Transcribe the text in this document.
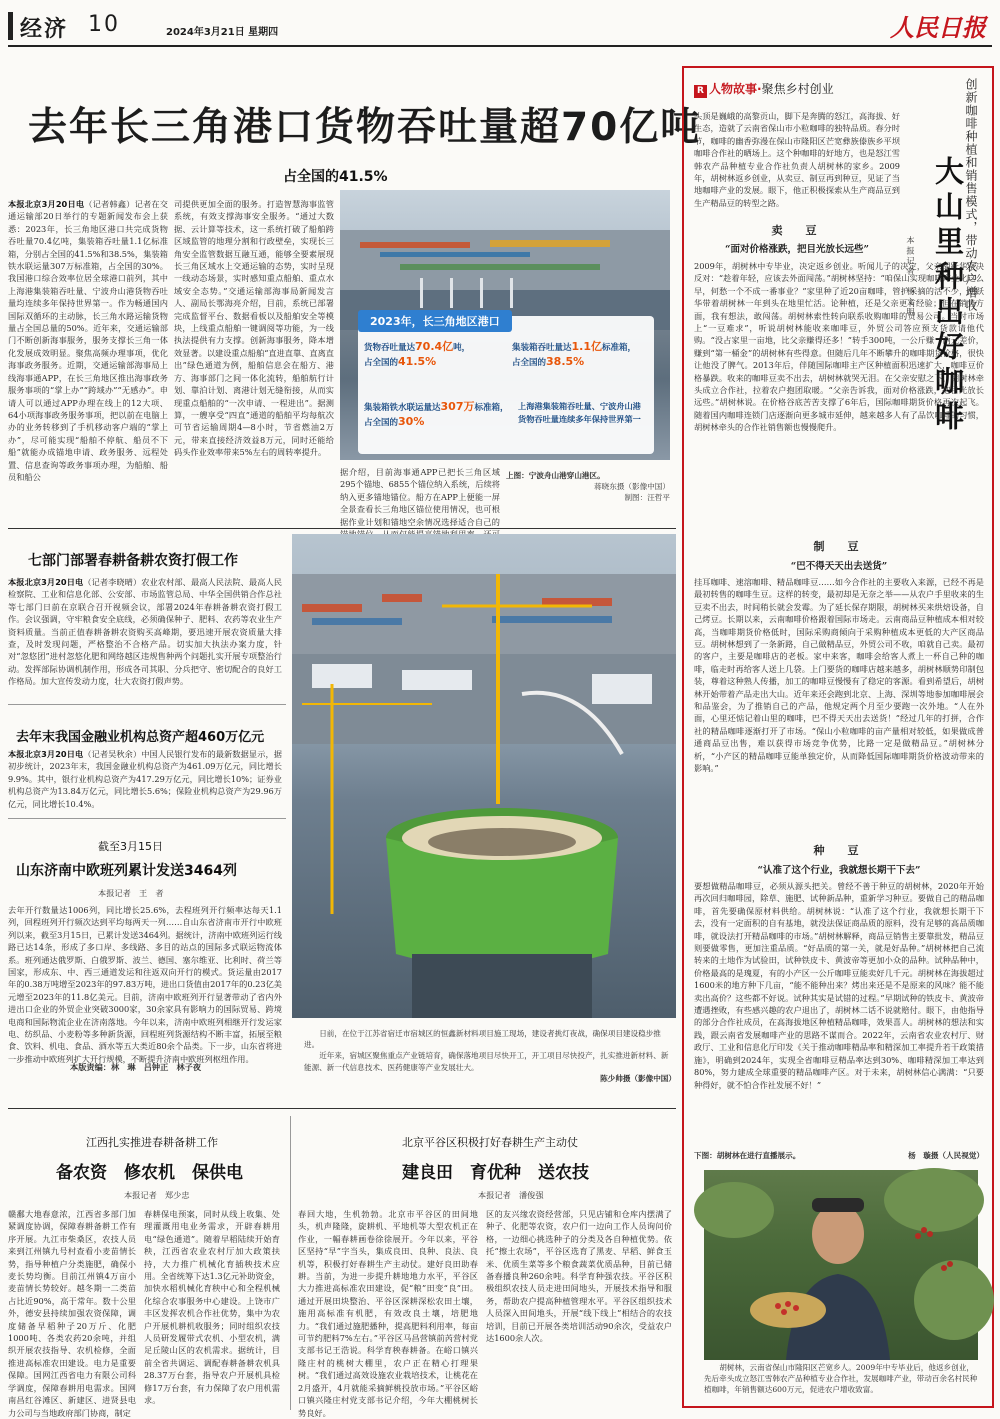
经济 10	2024年3月21日 星期四	人民日报
去年长三角港口货物吞吐量超70亿吨
占全国的41.5%
本报北京3月20日电（记者韩鑫）记者在交通运输部20日举行的专题新闻发布会上获悉：2023年，长三角地区港口共完成货物吞吐量70.4亿吨，集装箱吞吐量1.1亿标准箱，分别占全国的41.5%和38.5%，集装箱铁水联运量307万标准箱，占全国的30%。我国港口综合效率位居全球港口前列，其中上海港集装箱吞吐量、宁波舟山港货物吞吐量均连续多年保持世界第一。作为畅通国内国际双循环的主动脉，长三角水路运输货物量占全国总量的50%。近年来，交通运输部门不断创新海事服务，服务支撑长三角一体化发展成效明显。聚焦高频办理事项，优化海事政务服务。近期，交通运输部海事局上线海事通APP，在长三角地区推出海事政务服务事项的“掌上办”“跨域办”“无感办”。申请人可以通过APP办理在线上的12大项、64小项海事政务服务事项，把以前在电脑上办的业务转移到了手机移动客户端的“掌上办”，尽可能实现“船舶不停航、船员不下船”就能办成锚地申请、政务服务、远程处置、信息查询等政务事项办理，为船舶、船员和船公
司提供更加全面的服务。打造智慧海事监管系统，有效支撑海事安全服务。“通过大数据、云计算等技术，这一系统打破了船舶跨区域监管的地理分割和行政壁垒，实现长三角安全监管数据互融互通，能够全要素展现长三角区域水上交通运输的态势，实时呈现一线动态场景，实时感知重点船舶、重点水域安全态势。”交通运输部海事局新闻发言人、副局长鄂海亮介绍，目前，系统已部署完成监督平台、数据看板以及船舶安全等模块，上线重点船舶一键调阅等功能，为一线执法提供有力支撑。创新海事服务，降本增效显著。以建设重点船舶“直进直靠、直离直出”绿色通道为例，船舶信息会在船方、港方、海事部门之间一体化流转，船舶航行计划、靠泊计划、离港计划无缝衔接，从而实现重点船舶的“一次申请、一程进出”。据测算，一艘享受“四直”通道的船舶平均每航次可节省运输周期4—8小时，节省燃油2万元，带来直接经济效益8万元，同时还能给码头作业效率带来5%左右的周转率提升。
2023年，长三角地区港口
货物吞吐量达70.4亿吨，
占全国的41.5%
集装箱吞吐量达1.1亿标准箱，
占全国的38.5%
集装箱铁水联运量达307万标准箱，
占全国的30%
上海港集装箱吞吐量、宁波舟山港
货物吞吐量连续多年保持世界第一
据介绍，目前海事通APP已把长三角区域295个锚地、6855个锚位纳入系统，后续将纳入更多锚地锚位。船方在APP上便能一屏全景查看长三角地区锚位使用情况，也可根据作业计划和锚地空余情况选择适合自己的
上图：宁波舟山港穿山港区。
蒋晓东摄（影像中国）
制图：汪哲平
七部门部署春耕备耕农资打假工作
本报北京3月20日电（记者李晓晴）农业农村部、最高人民法院、最高人民检察院、工业和信息化部、公安部、市场监管总局、中华全国供销合作总社等七部门日前在京联合召开视频会议，部署2024年春耕备耕农资打假工作。会议强调，守牢粮食安全底线，必须确保种子、肥料、农药等农业生产资料质量。当前正值春耕备耕农资购买高峰期，要迅速开展农资质量大排查，及时发现问题，严格整治不合格产品。切实加大执法办案力度，针对“忽悠团”进村忽悠化肥和网络越区违规售种两个问题扎实开展专项整治行动。发挥部际协调机制作用，形成各司其职、分兵把守、密切配合的良好工作格局。加大宣传发动力度，壮大农资打假声势。
去年末我国金融业机构总资产超460万亿元
本报北京3月20日电（记者吴秋余）中国人民银行发布的最新数据显示，据初步统计，2023年末，我国金融业机构总资产为461.09万亿元，同比增长9.9%。其中，银行业机构总资产为417.29万亿元，同比增长10%；证券业机构总资产为13.84万亿元，同比增长5.6%；保险业机构总资产为29.96万亿元，同比增长10.4%。
截至3月15日
山东济南中欧班列累计发送3464列
本报记者　王　者
去年开行数量达1006列，同比增长25.6%，去程班列开行频率达每天1.1列，回程班列开行频次达到平均每两天一列……自山东省济南市开行中欧班列以来，截至3月15日，已累计发送3464列。据统计，济南中欧班列运行线路已达14条，形成了多口岸、多线路、多目的站点的国际多式联运物流体系。班列通达俄罗斯、白俄罗斯、波兰、德国、塞尔维亚、比利时、荷兰等国家，形成东、中、西三通道发运和往返双向开行的模式。货运量由2017年的0.38万吨增至2023年的97.83万吨，进出口货值由2017年的0.23亿美元增至2023年的11.8亿美元。目前，济南中欧班列开行显著带动了省内外进出口企业的外贸企业突破3000家，30余家具有影响力的国际贸易、跨境电商和国际物流企业在济南落地。今年以来，济南中欧班列相继开行发运家电、纺织品、小麦粉等多种新货源，回程班列货源结构不断丰富，拓展至粮食、饮料、机电、食品、酒水等五大类近80余个品类。下一步，山东省将进一步推动中欧班列扩大开行规模，不断提升济南中欧班列枢纽作用。
本版责编：林　琳　吕钟正　林子夜

日前，在位于江苏省宿迁市宿城区的恒鑫新材料项目施工现场，建设者挑灯夜战，确保项目建设稳步推进。

近年来，宿城区聚焦重点产业链培育，确保落地项目尽快开工，开工项目尽快投产，扎实推进新材料、新能源、新一代信息技术、医药健康等产业发展壮大。

陈少帅摄（影像中国）
江西扎实推进春耕备耕工作
备农资　修农机　保供电
本报记者　郑少忠
赣鄱大地春意浓，江西省多部门加紧调度协调，保障春耕备耕工作有序开展。九江市柴桑区，农技人员来到江州镇九号村查看小麦苗情长势，指导种植户分类施肥，确保小麦长势均衡。目前江州镇4万亩小麦苗情长势较好。越冬期一二类苗占比近90%，高于常年。数十公里外，德安县持续加强农资保障，调度储备早稻种子20万斤、化肥1000吨、各类农药20余吨，并组织开展农技指导、农机检修，全面推进高标准农田建设。电力是重要保障。国网江西省电力有限公司科学调度，保障春耕用电需求。国网南昌红谷滩区、新建区、进贤县电力公司与当地政府部门协商，制定
春耕保电预案，同时从线上收集、处理灌溉用电业务需求，开辟春耕用电“绿色通道”。随着早稻陆续开始育秧，江西省农业农村厅加大政策扶持，大力推广机械化育插秧技术应用。全省统筹下达1.3亿元补助资金，加快水稻机械化育秧中心和全程机械化综合农事服务中心建设。上饶市广丰区发挥农机合作社优势，集中为农户开展机耕机收服务；同时组织农技人员研发履带式农机、小型农机，满足丘陵山区的农机需求。据统计，目前全省共调运、调配春耕备耕农机具28.37万台套，指导农户开展机具检修17万台套，有力保障了农户用机需求。
北京平谷区积极打好春耕生产主动仗
建良田　育优种　送农技
本报记者　潘俊强
春回大地，生机勃勃。北京市平谷区的田间地头，机声隆隆，旋耕机、平地机等大型农机正在作业，一幅春耕画卷徐徐展开。今年以来，平谷区坚持“早”字当头，集成良田、良种、良法、良机等，积极打好春耕生产主动仗。建好良田助春耕。当前，为进一步提升耕地地力水平，平谷区大力推进高标准农田建设，促“粮”田变“良”田。通过开展田块整治、平谷区深耕深松农田土壤，施用高标准有机肥，有效改良土壤，培肥地力。“我们通过施肥播种，提高肥料利用率，每亩可节约肥料7%左右。”平谷区马昌营镇前芮营村党支部书记王浩说。科学育秧春耕备。在峪口镇兴隆庄村的桃树大棚里，农户正在精心打理果树。“我们通过高效设施农业栽培技术，让桃花在2月盛开，4月就能采摘鲜桃投放市场。”平谷区峪口镇兴隆庄村党支部书记介绍，今年大棚桃树长势良好。
区的友兴缘农资经营部，只见店铺和仓库内摆满了种子、化肥等农资，农户们一边向工作人员询问价格，一边细心挑选种子的分类及各自种植优势。依托“擦土农场”，平谷区选育了黑麦、早稻、鲜食玉米、优质生菜等多个粮食蔬菜优质品种，目前已储备春播良种260余吨。科学育种强农技。平谷区积极组织农技人员走进田间地头，开展技术指导和服务，帮助农户提高种植管理水平。平谷区组织技术人员深入田间地头，开展“线下线上”相结合的农技培训，目前已开展各类培训活动90余次，受益农户达1600余人次。
R 人物故事·聚焦乡村创业	创新咖啡种植和销售模式，带动农户增收
大山里种出好咖啡
本报记者　杨文明
头顶是巍峨的高黎贡山，脚下是奔腾的怒江，高海拔、好生态，造就了云南省保山市小粒咖啡的独特品质。春分时节，咖啡的幽香弥漫在保山市隆阳区芒宽彝族傣族乡平坝咖啡合作社的晒场上。这个种咖啡的好地方，也是怒江雪韩农产品种植专业合作社负责人胡树林的家乡。2009年，胡树林返乡创业，从卖豆、制豆再到种豆，见证了当地咖啡产业的发展。眼下，他正积极探索从生产商品豆到生产精品豆的转型之路。
卖　豆
“面对价格涨跌，把目光放长远些”
2009年，胡树林中专毕业，决定返乡创业。听闻儿子的决定，父亲胡跃华坚决反对：“趁着年轻，应该去外面闯荡。”胡树林坚持：“咱保山实现咖啡产业化这么早，何愁一个不成一番事业？”家里种了近20亩咖啡，管护采摘的活不少，胡跃华带着胡树林一年到头在地里忙活。论种植，还是父亲更有经验；但在销售方面，我有想法，敢闯荡。胡树林索性转向联系收购咖啡的贸易公司。当时市场上“一豆难求”，听说胡树林能收来咖啡豆，外贸公司答应预支货款请他代购。“没占家里一亩地，比父亲赚得还多！”转手300吨，一公斤赚一两元差价，赚到“第一桶金”的胡树林有些得意。但随后几年不断攀升的咖啡期货价格，很快让他没了脾气。2013年后，伴随国际咖啡主产区种植面积迅速扩大，咖啡豆价格暴跌。收来的咖啡豆卖不出去，胡树林就哭无泪。在父亲安慰之下，胡树林牵头成立合作社，拉着农户抱团取暖。“父亲告诉我，面对价格涨跌，把目光放长远些。”胡树林说。在价格谷底苦苦支撑了6年后，国际咖啡期货价格再次起飞。随着国内咖啡连锁门店逐渐向更多城市延伸，越来越多人有了品饮咖啡的习惯，胡树林牵头的合作社销售额也慢慢爬升。
制　豆
“巴不得天天出去送货”
挂耳咖啡、速溶咖啡、精品咖啡豆……如今合作社的主要收入来源，已经不再是最初转售的咖啡生豆。这样的转变，最初却是无奈之举——从农户手里收来的生豆卖不出去，时间稍长就会发霉。为了延长保存期限，胡树林买来烘焙设备，自己烤豆。长期以来，云南咖啡价格跟着国际市场走。云南商品豆种植成本相对较高，当咖啡期货价格低时，国际采购商倾向于采购种植成本更低的大产区商品豆。胡树林想到了一条新路，自己做精品豆，外贸公司不收，咱就自己卖。最初的客户，主要是咖啡店的老板。家中来客，咖啡会给客人煮上一杯自己种的咖啡，临走时再给客人送上几袋。上门要货的咖啡店越来越多，胡树林顺势印制包装，尊着这种熟人传播，加工的咖啡豆慢慢有了稳定的客源。看到希望后，胡树林开始带着产品走出大山。近年来还会跑到北京、上海、深圳等地参加咖啡展会和品鉴会，为了推销自己的产品，他规定两个月至少要跑一次外地。“人在外面，心里还惦记着山里的咖啡，巴不得天天出去送货！”经过几年的打拼，合作社的精品咖啡逐渐打开了市场。“保山小粒咖啡的亩产量相对较低，如果做成普通商品豆出售，难以获得市场竞争优势，比路一定是做精品豆。”胡树林分析，“小产区的精品咖啡豆能单独定价，从而降低国际咖啡期货价格波动带来的影响。”
种　豆
“认准了这个行业，我就想长期干下去”
要想做精品咖啡豆，必须从源头把关。曾经不善于种豆的胡树林，2020年开始再次回归咖啡园，除草、施肥、试种新品种，重新学习种豆。要做自己的精品咖啡，首先要确保原材料供给。胡树林说：“认准了这个行业，我就想长期干下去，没有一定面积的自有基地，就没法保证商品质的原料，没有足够的高品质咖啡，就设法打开精品咖啡的市场。”胡树林解释，商品豆销售主要靠批发，精品豆则要做零售，更加注重品质。“好品质的第一关，就是好品种。”胡树林把自己流转来的土地作为试验田，试种铁皮卡、黄波帝等更加小众的品种。试种品种中，价格最高的是瑰夏，有的小产区一公斤咖啡豆能卖好几千元。胡树林在海拔超过1600米的地方种下几亩，“能不能种出来？烤出来还是不是原来的风味？能不能卖出高价？这些都不好说。试种其实是试错的过程。”早期试种的铁皮卡、黄波帝遭遇挫败，有些感兴趣的农户退出了，胡树林二话不说就赔付。眼下，由他指导的部分合作社成员，在高海拔地区种植精品咖啡，效果喜人。胡树林的想法和实践，跟云南省发展咖啡产业的思路不谋而合。2022年，云南省农业农村厅、财政厅、工业和信息化厅印发《关于推动咖啡精品率和精深加工率提升若干政策措施》，明确到2024年，实现全省咖啡豆精品率达到30%、咖啡精深加工率达到80%，努力建成全球重要的精品咖啡产区。对于未来，胡树林信心满满：“只要种得好，就不怕合作社发展不好！”
下图：胡树林在进行直播展示。	杨　璇摄（人民视觉）
胡树林，云南省保山市隆阳区芒宽乡人。2009年中专毕业后，他返乡创业，先后牵头成立怒江雪韩农产品种植专业合作社，发展咖啡产业，带动百余名村民种植咖啡，年销售额达600万元，促进农户增收致富。
